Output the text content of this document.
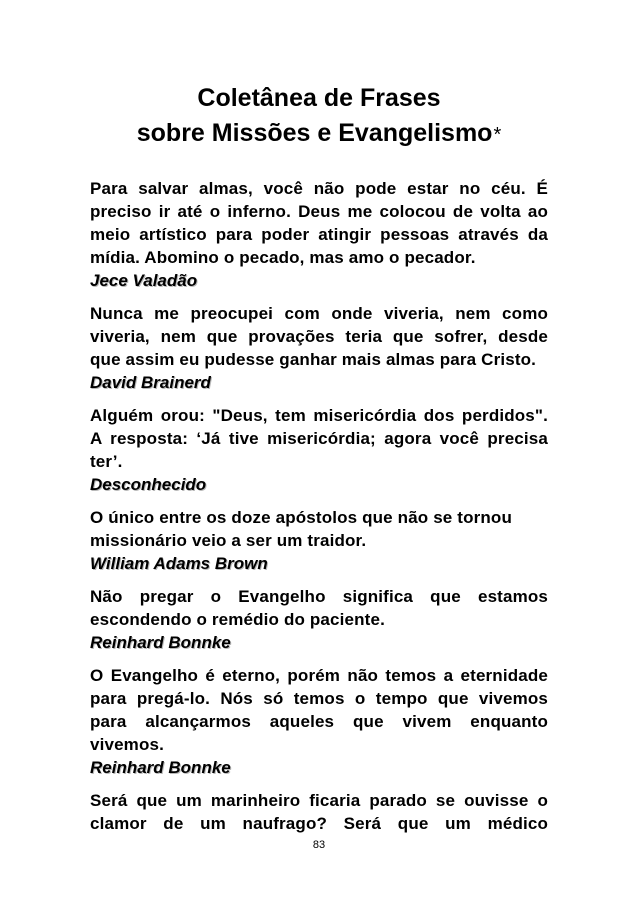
Coletânea de Frases
sobre Missões e Evangelismo*
Para salvar almas, você não pode estar no céu. É
preciso ir até o inferno. Deus me colocou de volta ao
meio artístico para poder atingir pessoas através da
mídia. Abomino o pecado, mas amo o pecador.
Jece Valadão
Nunca me preocupei com onde viveria, nem como
viveria, nem que provações teria que sofrer, desde
que assim eu pudesse ganhar mais almas para Cristo.
David Brainerd
Alguém orou: "Deus, tem misericórdia dos perdidos".
A resposta: ‘Já tive misericórdia; agora você precisa
ter’.
Desconhecido
O único entre os doze apóstolos que não se tornou
missionário veio a ser um traidor.
William Adams Brown
Não pregar o Evangelho significa que estamos
escondendo o remédio do paciente.
Reinhard Bonnke
O Evangelho é eterno, porém não temos a eternidade
para pregá-lo. Nós só temos o tempo que vivemos
para alcançarmos aqueles que vivem enquanto
vivemos.
Reinhard Bonnke
Será que um marinheiro ficaria parado se ouvisse o
clamor de um naufrago? Será que um médico
83
